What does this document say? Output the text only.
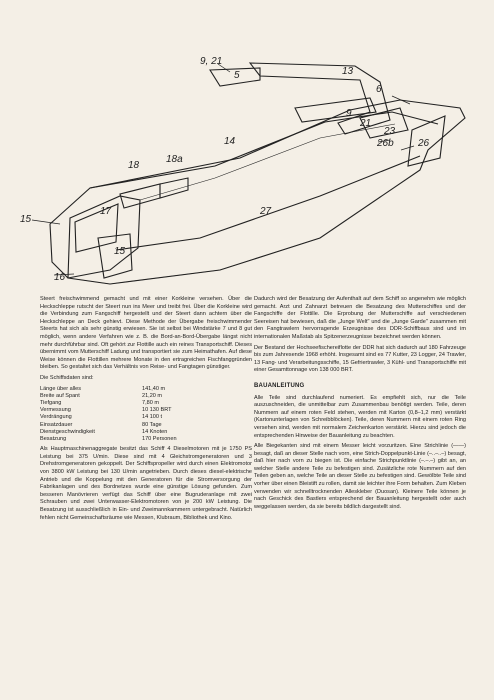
9, 21
5	13
6
9
21
23
26b 26
14
18
18a
17	27
15
15
16

Steert freischwimmend gemacht und mit einer Korkleine versehen. Über die Heckschleppe rutscht der Steert nun ins Meer und treibt frei. Über die Korkleine wird die Verbindung zum Fangschiff hergestellt und der Steert dann achtern über die Heckschleppe an Deck gehievt. Diese Methode der Übergabe freischwimmender Steerts hat sich als sehr günstig erwiesen. Sie ist selbst bei Windstärke 7 und 8 gut möglich, wenn andere Verfahren wie z. B. die Bord-an-Bord-Übergabe längst nicht mehr durchführbar sind. Oft gehört zur Flottille auch ein reines Transportschiff. Dieses übernimmt vom Mutterschiff Ladung und transportiert sie zum Heimathafen. Auf diese Weise können die Flottillen mehrere Monate in den ertragreichen Fischfanggründen bleiben. So gestaltet sich das Verhältnis von Reise- und Fangtagen günstiger.

Die Schiffsdaten sind:

Länge über alles	141,40 m
Breite auf Spant	21,20 m
Tiefgang	7,80 m
Vermessung	10 130 BRT
Verdrängung	14 100 t
Einsatzdauer	80 Tage
Dienstgeschwindigkeit	14 Knoten
Besatzung	170 Personen

Als Hauptmaschinenaggregate besitzt das Schiff 4 Dieselmotoren mit je 1750 PS Leistung bei 375 U/min. Diese sind mit 4 Gleichstromgeneratoren und 3 Drehstromgeneratoren gekoppelt. Der Schiffspropeller wird durch einen Elektromotor von 3800 kW Leistung bei 130 U/min angetrieben. Durch dieses diesel-elektrische Antrieb und die Koppelung mit den Generatoren für die Stromversorgung der Fabrikanlagen und des Bordnetzes wurde eine günstige Lösung gefunden. Zum besseren Manövrieren verfügt das Schiff über eine Bugruderanlage mit zwei Schrauben und zwei Unterwasser-Elektromotoren von je 200 kW Leistung. Die Besatzung ist ausschließlich in Ein- und Zweimannkammern untergebracht. Natürlich fehlen nicht Gemeinschaftsräume wie Messen, Klubraum, Bibliothek und Kino.

Dadurch wird der Besatzung der Aufenthalt auf dem Schiff so angenehm wie möglich gemacht. Arzt und Zahnarzt betreuen die Besatzung des Mutterschiffes und der Fangschiffe der Flottille. Die Erprobung der Mutterschiffe auf verschiedenen Seereisen hat bewiesen, daß die „Junge Welt" und die „Junge Garde" zusammen mit den Fangtrawlern hervorragende Erzeugnisse des DDR-Schiffbaus sind und im internationalen Maßstab als Spitzenerzeugnisse bezeichnet werden können.

Der Bestand der Hochseefischereiflotte der DDR hat sich dadurch auf 180 Fahrzeuge bis zum Jahresende 1968 erhöht. Insgesamt sind es 77 Kutter, 23 Logger, 24 Trawler, 13 Fang- und Verarbeitungsschiffe, 15 Gefriertrawler, 3 Kühl- und Transportschiffe mit einer Gesamttonnage von 138 000 BRT.

BAUANLEITUNG

Alle Teile sind durchlaufend numeriert. Es empfiehlt sich, nur die Teile auszuschneiden, die unmittelbar zum Zusammenbau benötigt werden. Teile, deren Nummern auf einem roten Feld stehen, werden mit Karton (0,8–1,2 mm) verstärkt (Kartonunterlagen von Schreibblöcken). Teile, deren Nummern mit einem roten Ring versehen sind, werden mit normalem Zeichenkarton verstärkt. Hierzu sind jedoch die entsprechenden Hinweise der Bauanleitung zu beachten.

Alle Biegekanten sind mit einem Messer leicht vorzuritzen. Eine Strichlinie (——) besagt, daß an dieser Stelle nach vorn, eine Strich-Doppelpunkt-Linie (–..–..–) besagt, daß hier nach vorn zu biegen ist. Die einfache Strichpunktlinie (–.–.–) gibt an, an welcher Stelle andere Teile zu befestigen sind. Zusätzliche rote Nummern auf den Teilen geben an, welche Teile an dieser Stelle zu befestigen sind. Gewölbte Teile sind vorher über einen Bleistift zu rollen, damit sie leichter ihre Form behalten. Zum Kleben verwenden wir schnelltrocknenden Alleskleber (Duosan). Kleinere Teile können je nach Geschick des Bastlers entsprechend der Bauanleitung hergestellt oder auch weggelassen werden, da sie bereits bildlich dargestellt sind.
